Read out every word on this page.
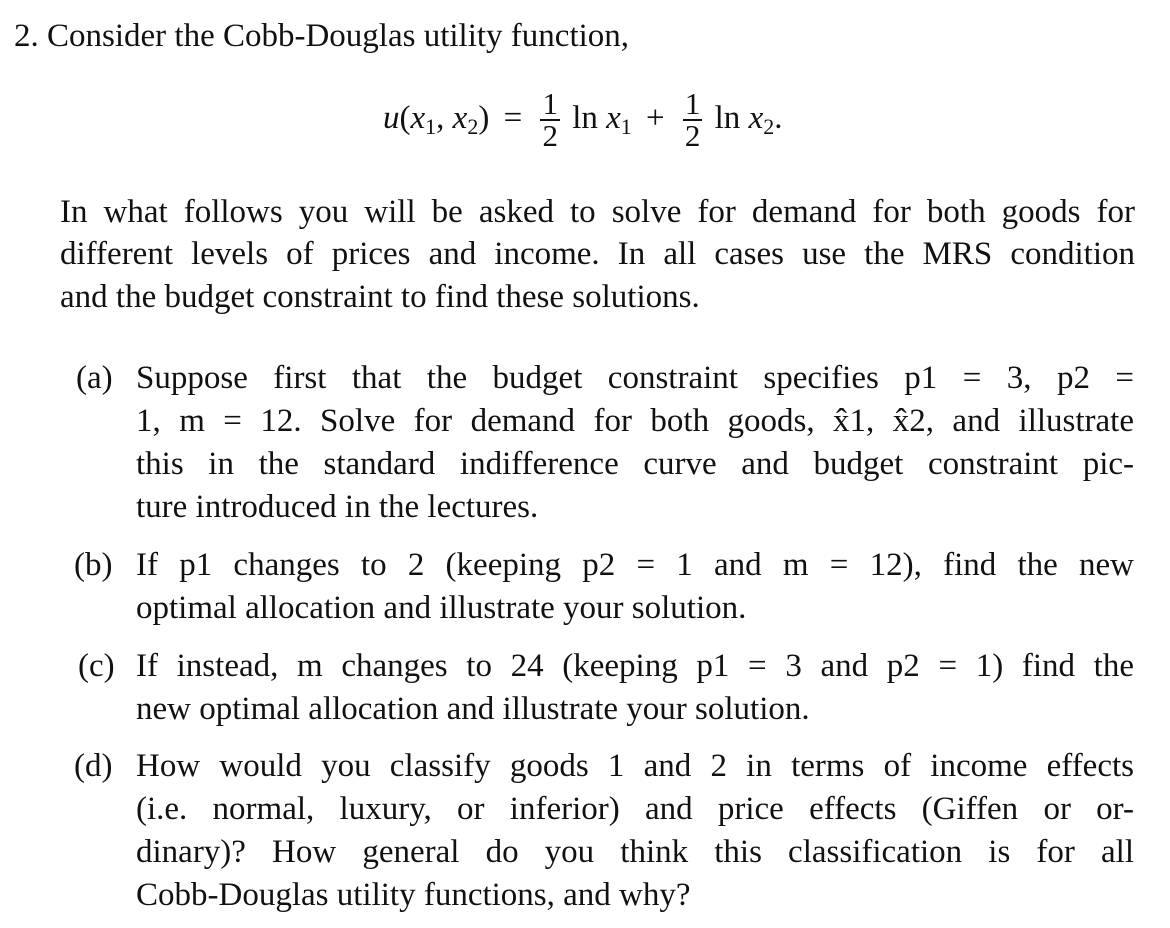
2. Consider the Cobb-Douglas utility function,
$u(x_1$, $x_2) = \frac{1}{2}$ $\ln x_1 + \frac{1}{2}$ $\ln x_2$.
In what follows you will be asked to solve for demand for both goods for
different levels of prices and income. In all cases use the MRS condition
and the budget constraint to find these solutions.
(a) Suppose first that the budget constraint specifies p1 = 3, p2 =
1, m = 12. Solve for demand for both goods, x̂1, x̂2, and illustrate
this in the standard indifference curve and budget constraint pic-
ture introduced in the lectures.
(b) If p1 changes to 2 (keeping p2 = 1 and m = 12), find the new
optimal allocation and illustrate your solution.
(c) If instead, m changes to 24 (keeping p1 = 3 and p2 = 1) find the
new optimal allocation and illustrate your solution.
(d) How would you classify goods 1 and 2 in terms of income effects
(i.e. normal, luxury, or inferior) and price effects (Giffen or or-
dinary)? How general do you think this classification is for all
Cobb-Douglas utility functions, and why?
